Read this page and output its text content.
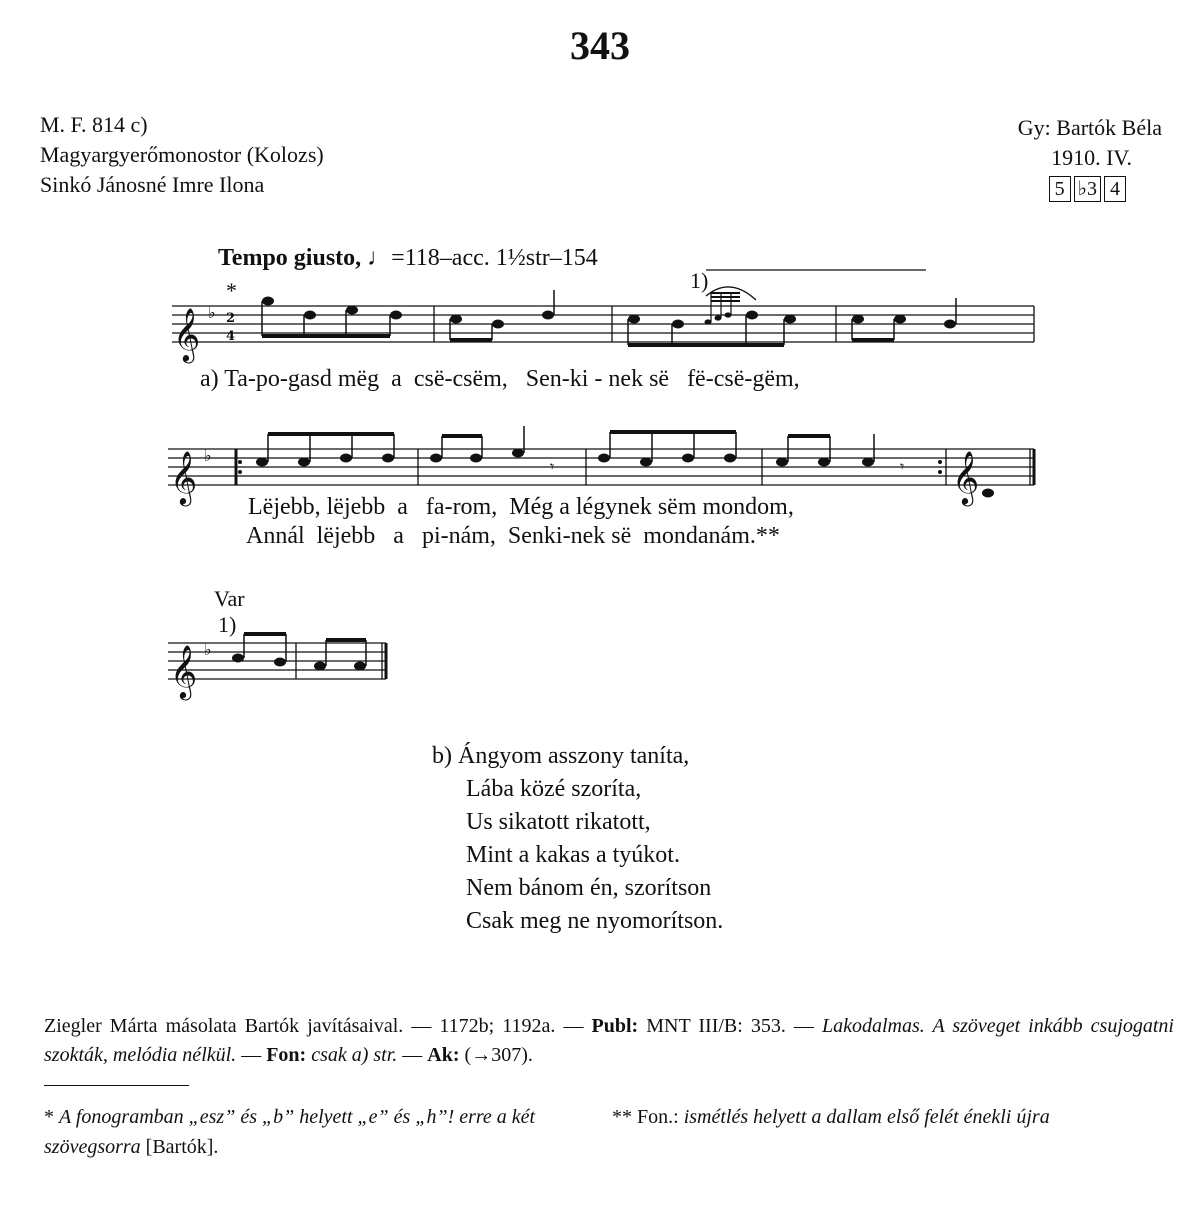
343
M. F. 814 c)
Magyargyerőmonostor (Kolozs)
Sinkó Jánosné Imre Ilona
Gy: Bartók Béla
1910. IV.
5 ♭3 4
Tempo giusto, ♩=118–acc. 1½str–154
𝄞 ♭
𝄞 ♭
𝄞 ♭
𝄞
2
4
𝄾	𝄾
*	1)
a) Ta-po-gasd mëg  a  csë-csëm,   Sen-ki - nek së   fë-csë-gëm,
Lëjebb, lëjebb  a   fa-rom,  Még a légynek sëm mondom,
Annál  lëjebb   a   pi-nám,  Senki-nek së  mondanám.**
Var
1)
b) Ángyom asszony taníta,
Lába közé szoríta,
Us sikatott rikatott,
Mint a kakas a tyúkot.
Nem bánom én, szorítson
Csak meg ne nyomorítson.
Ziegler Márta másolata Bartók javításaival. — 1172b; 1192a. — Publ: MNT III/B: 353. — Lakodalmas. A szöveget inkább csujogatni szokták, melódia nélkül. — Fon: csak a) str. — Ak: (→307).
* A fonogramban „esz” és „b” helyett „e” és „h”! erre a két szövegsorra [Bartók].
** Fon.: ismétlés helyett a dallam első felét énekli újra
